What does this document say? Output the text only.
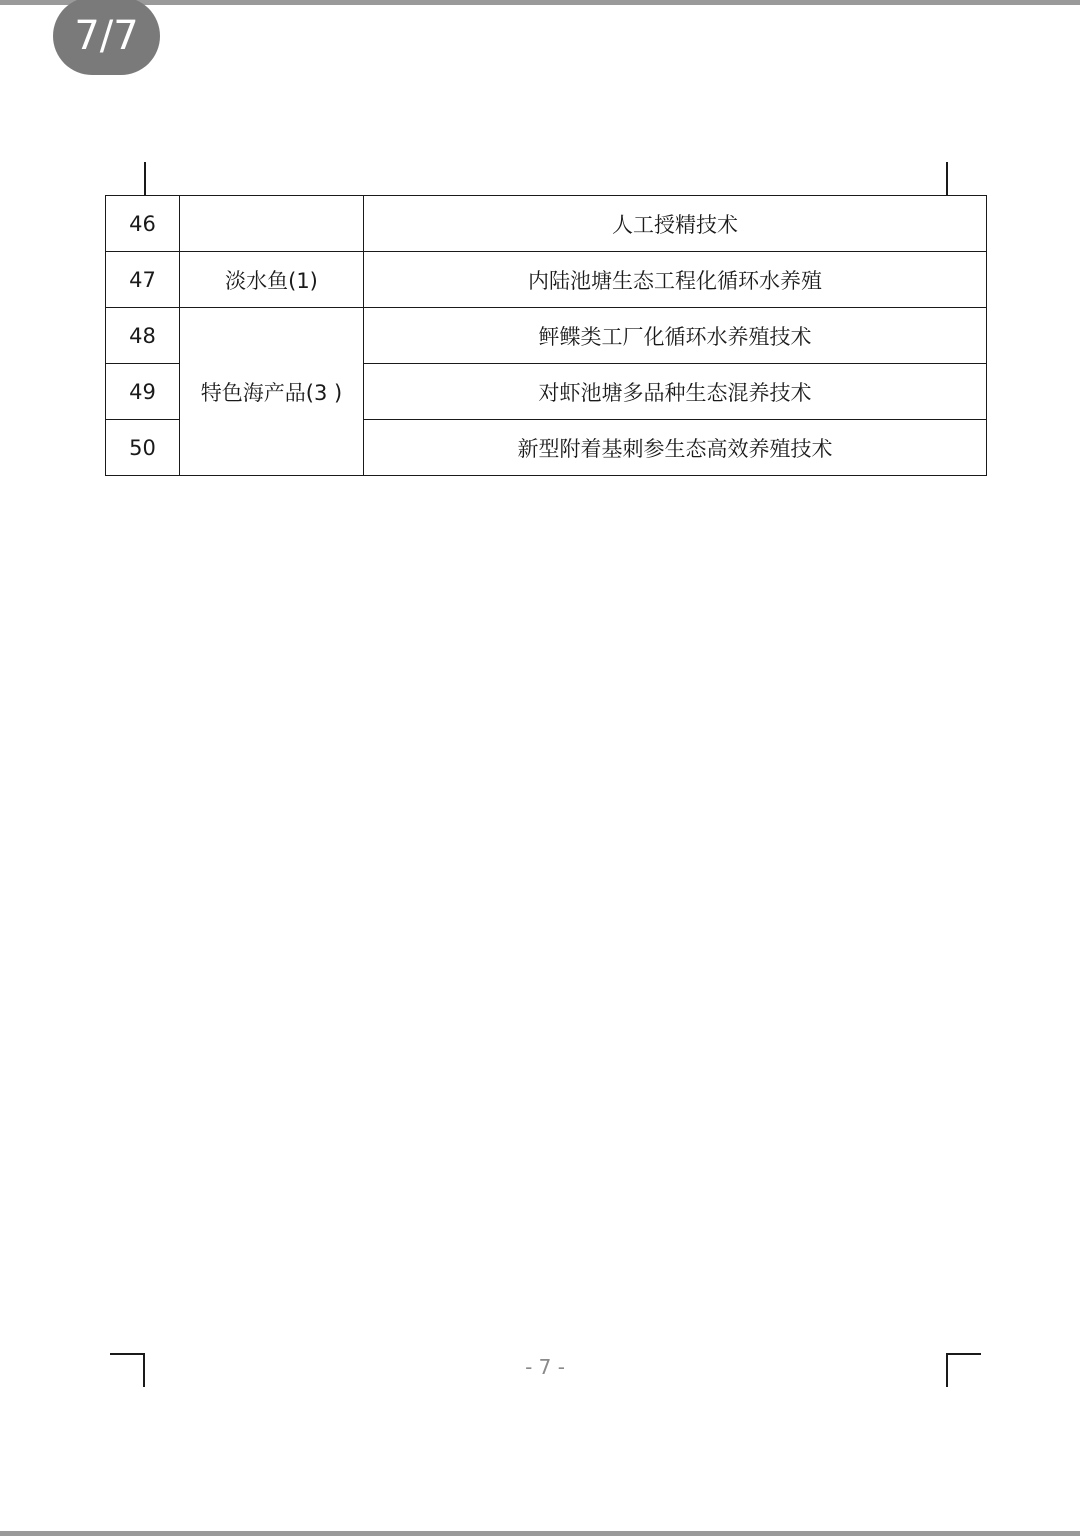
7/7
46		人工授精技术
47	淡水鱼(1)	内陆池塘生态工程化循环水养殖
48	特色海产品(3 )	鲆鲽类工厂化循环水养殖技术
49		对虾池塘多品种生态混养技术
50		新型附着基刺参生态高效养殖技术
- 7 -
